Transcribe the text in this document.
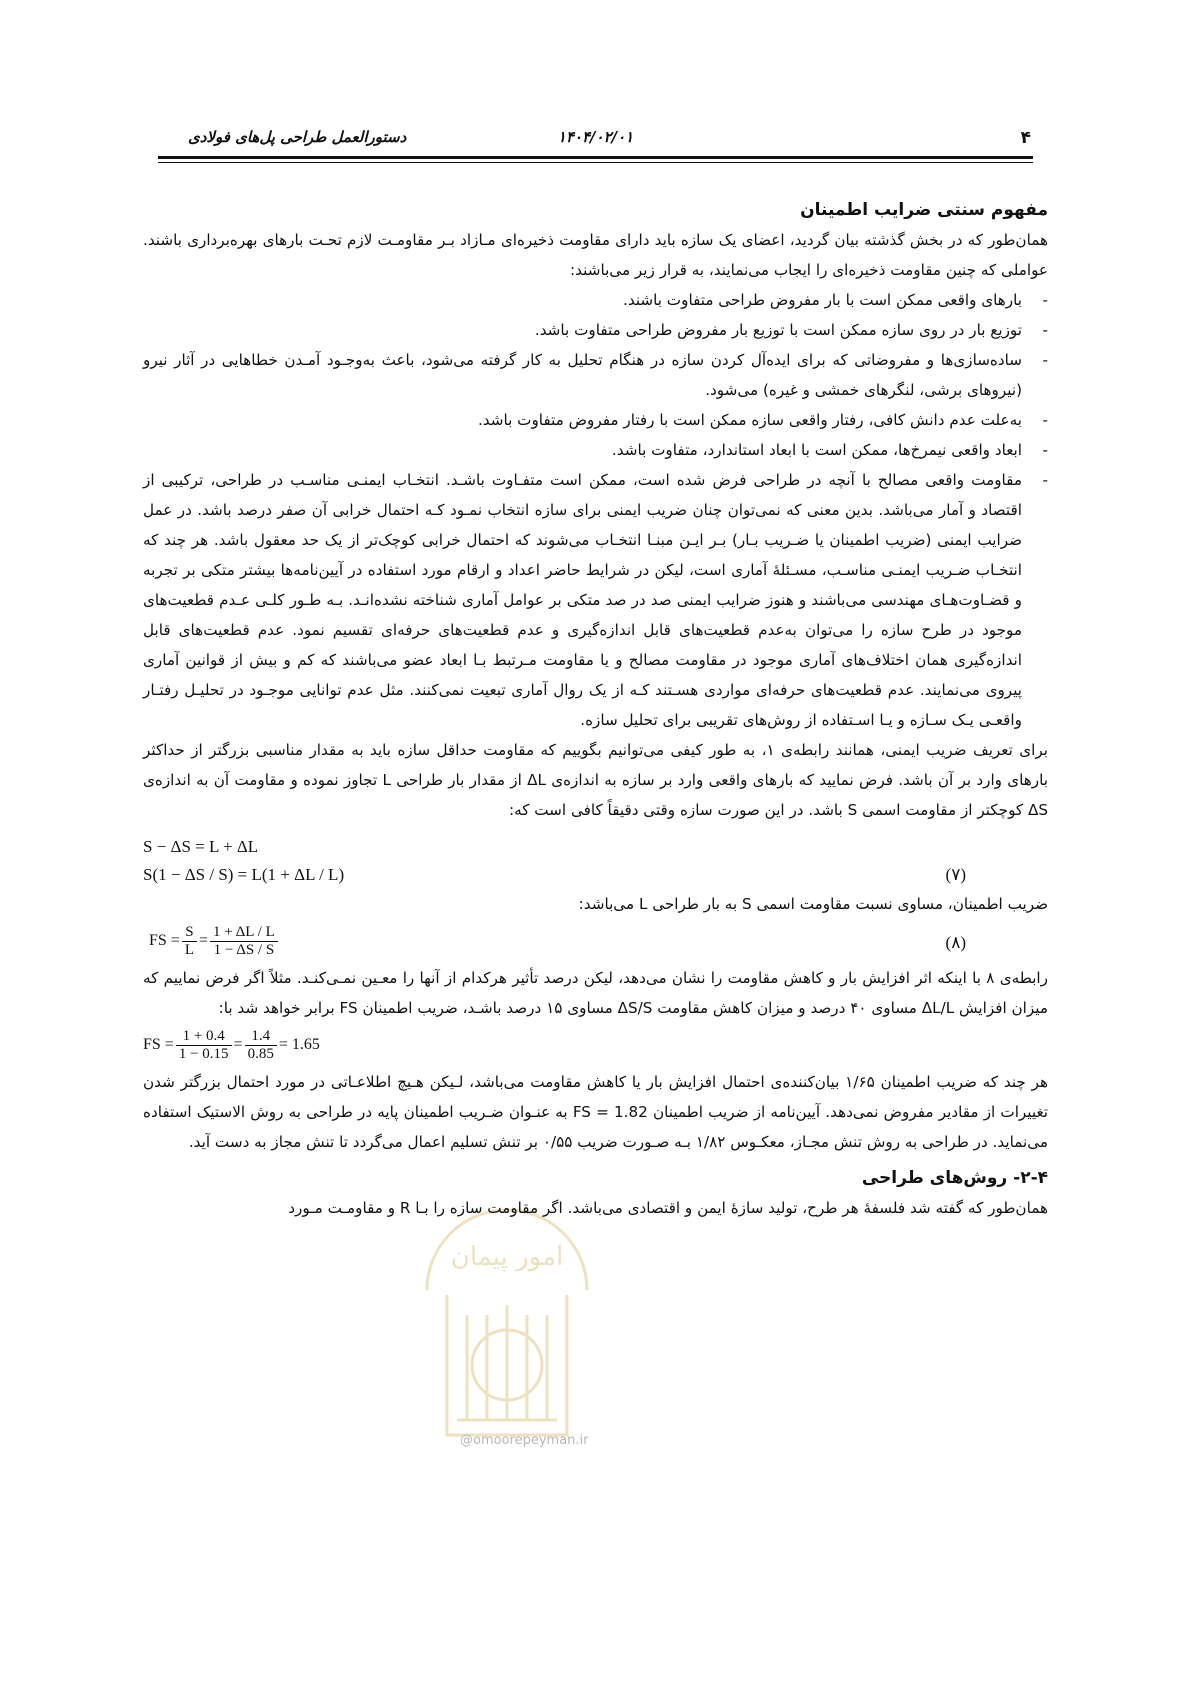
۴
۱۴۰۴/۰۲/۰۱
دستورالعمل طراحی پل‌های فولادی
امور پیمان
@omoorepeyman.ir

مفهوم سنتی ضرایب اطمینان

همان‌طور که در بخش گذشته بیان گردید، اعضای یک سازه باید دارای مقاومت ذخیره‌ای مـازاد بـر مقاومـت لازم تحـت بارهای بهره‌برداری باشند. عواملی که چنین مقاومت ذخیره‌ای را ایجاب می‌نمایند، به قرار زیر می‌باشند:

- بارهای واقعی ممکن است با بار مفروض طراحی متفاوت باشند.
- توزیع بار در روی سازه ممکن است با توزیع بار مفروض طراحی متفاوت باشد.
- ساده‌سازی‌ها و مفروضاتی که برای ایده‌آل کردن سازه در هنگام تحلیل به کار گرفته می‌شود، باعث به‌وجـود آمـدن خطاهایی در آثار نیرو (نیروهای برشی، لنگرهای خمشی و غیره) می‌شود.
- به‌علت عدم دانش کافی، رفتار واقعی سازه ممکن است با رفتار مفروض متفاوت باشد.
- ابعاد واقعی نیمرخ‌ها، ممکن است با ابعاد استاندارد، متفاوت باشد.
- مقاومت واقعی مصالح با آنچه در طراحی فرض شده است، ممکن است متفـاوت باشـد. انتخـاب ایمنـی مناسـب در طراحی، ترکیبی از اقتصاد و آمار می‌باشد. بدین معنی که نمی‌توان چنان ضریب ایمنی برای سازه انتخاب نمـود کـه احتمال خرابی آن صفر درصد باشد. در عمل ضرایب ایمنی (ضریب اطمینان یا ضـریب بـار) بـر ایـن مبنـا انتخـاب می‌شوند که احتمال خرابی کوچک‌تر از یک حد معقول باشد. هر چند که انتخـاب ضـریب ایمنـی مناسـب، مسـئلهٔ آماری است، لیکن در شرایط حاضر اعداد و ارقام مورد استفاده در آیین‌نامه‌ها بیشتر متکی بر تجربه و قضـاوت‌هـای مهندسی می‌باشند و هنوز ضرایب ایمنی صد در صد متکی بر عوامل آماری شناخته نشده‌انـد. بـه طـور کلـی عـدم قطعیت‌های موجود در طرح سازه را می‌توان به‌عدم قطعیت‌های قابل اندازه‌گیری و عدم قطعیت‌های حرفه‌ای تقسیم نمود. عدم قطعیت‌های قابل اندازه‌گیری همان اختلاف‌های آماری موجود در مقاومت مصالح و یا مقاومت مـرتبط بـا ابعاد عضو می‌باشند که کم و بیش از قوانین آماری پیروی می‌نمایند. عدم قطعیت‌های حرفه‌ای مواردی هسـتند کـه از یک روال آماری تبعیت نمی‌کنند. مثل عدم توانایی موجـود در تحلیـل رفتـار واقعـی یـک سـازه و یـا اسـتفاده از روش‌های تقریبی برای تحلیل سازه.

برای تعریف ضریب ایمنی، همانند رابطه‌ی ۱، به طور کیفی می‌توانیم بگوییم که مقاومت حداقل سازه باید به مقدار مناسبی بزرگتر از حداکثر بارهای وارد بر آن باشد. فرض نمایید که بارهای واقعی وارد بر سازه به اندازه‌ی ΔL از مقدار بار طراحی L تجاوز نموده و مقاومت آن به اندازه‌ی ΔS کوچکتر از مقاومت اسمی S باشد. در این صورت سازه وقتی دقیقاً کافی است که:

S − ΔS = L + ΔL
S(1 − ΔS / S) = L(1 + ΔL / L)	(۷)

ضریب اطمینان، مساوی نسبت مقاومت اسمی S به بار طراحی L می‌باشد:

FS = $\frac{S}{L} = \frac{1 + \Delta L / L}{1 - \Delta S / S}$	(۸)

رابطه‌ی ۸ با اینکه اثر افزایش بار و کاهش مقاومت را نشان می‌دهد، لیکن درصد تأثیر هرکدام از آنها را معـین نمـی‌کنـد. مثلاً اگر فرض نماییم که میزان افزایش ΔL/L مساوی ۴۰ درصد و میزان کاهش مقاومت ΔS/S مساوی ۱۵ درصد باشـد، ضریب اطمینان FS برابر خواهد شد با:

FS = $\frac{1 + 0.4}{1 - 0.15} = \frac{1.4}{0.85} = 1.65$

هر چند که ضریب اطمینان ۱/۶۵ بیان‌کننده‌ی احتمال افزایش بار یا کاهش مقاومت می‌باشد، لـیکن هـیچ اطلاعـاتی در مورد احتمال بزرگتر شدن تغییرات از مقادیر مفروض نمی‌دهد. آیین‌نامه از ضریب اطمینان FS = 1.82 به عنـوان ضـریب اطمینان پایه در طراحی به روش الاستیک استفاده می‌نماید. در طراحی به روش تنش مجـاز، معکـوس ۱/۸۲ بـه صـورت ضریب ۰/۵۵ بر تنش تسلیم اعمال می‌گردد تا تنش مجاز به دست آید.

۲-۴- روش‌های طراحی

همان‌طور که گفته شد فلسفهٔ هر طرح، تولید سازهٔ ایمن و اقتصادی می‌باشد. اگر مقاومت سازه را بـا R و مقاومـت مـورد
